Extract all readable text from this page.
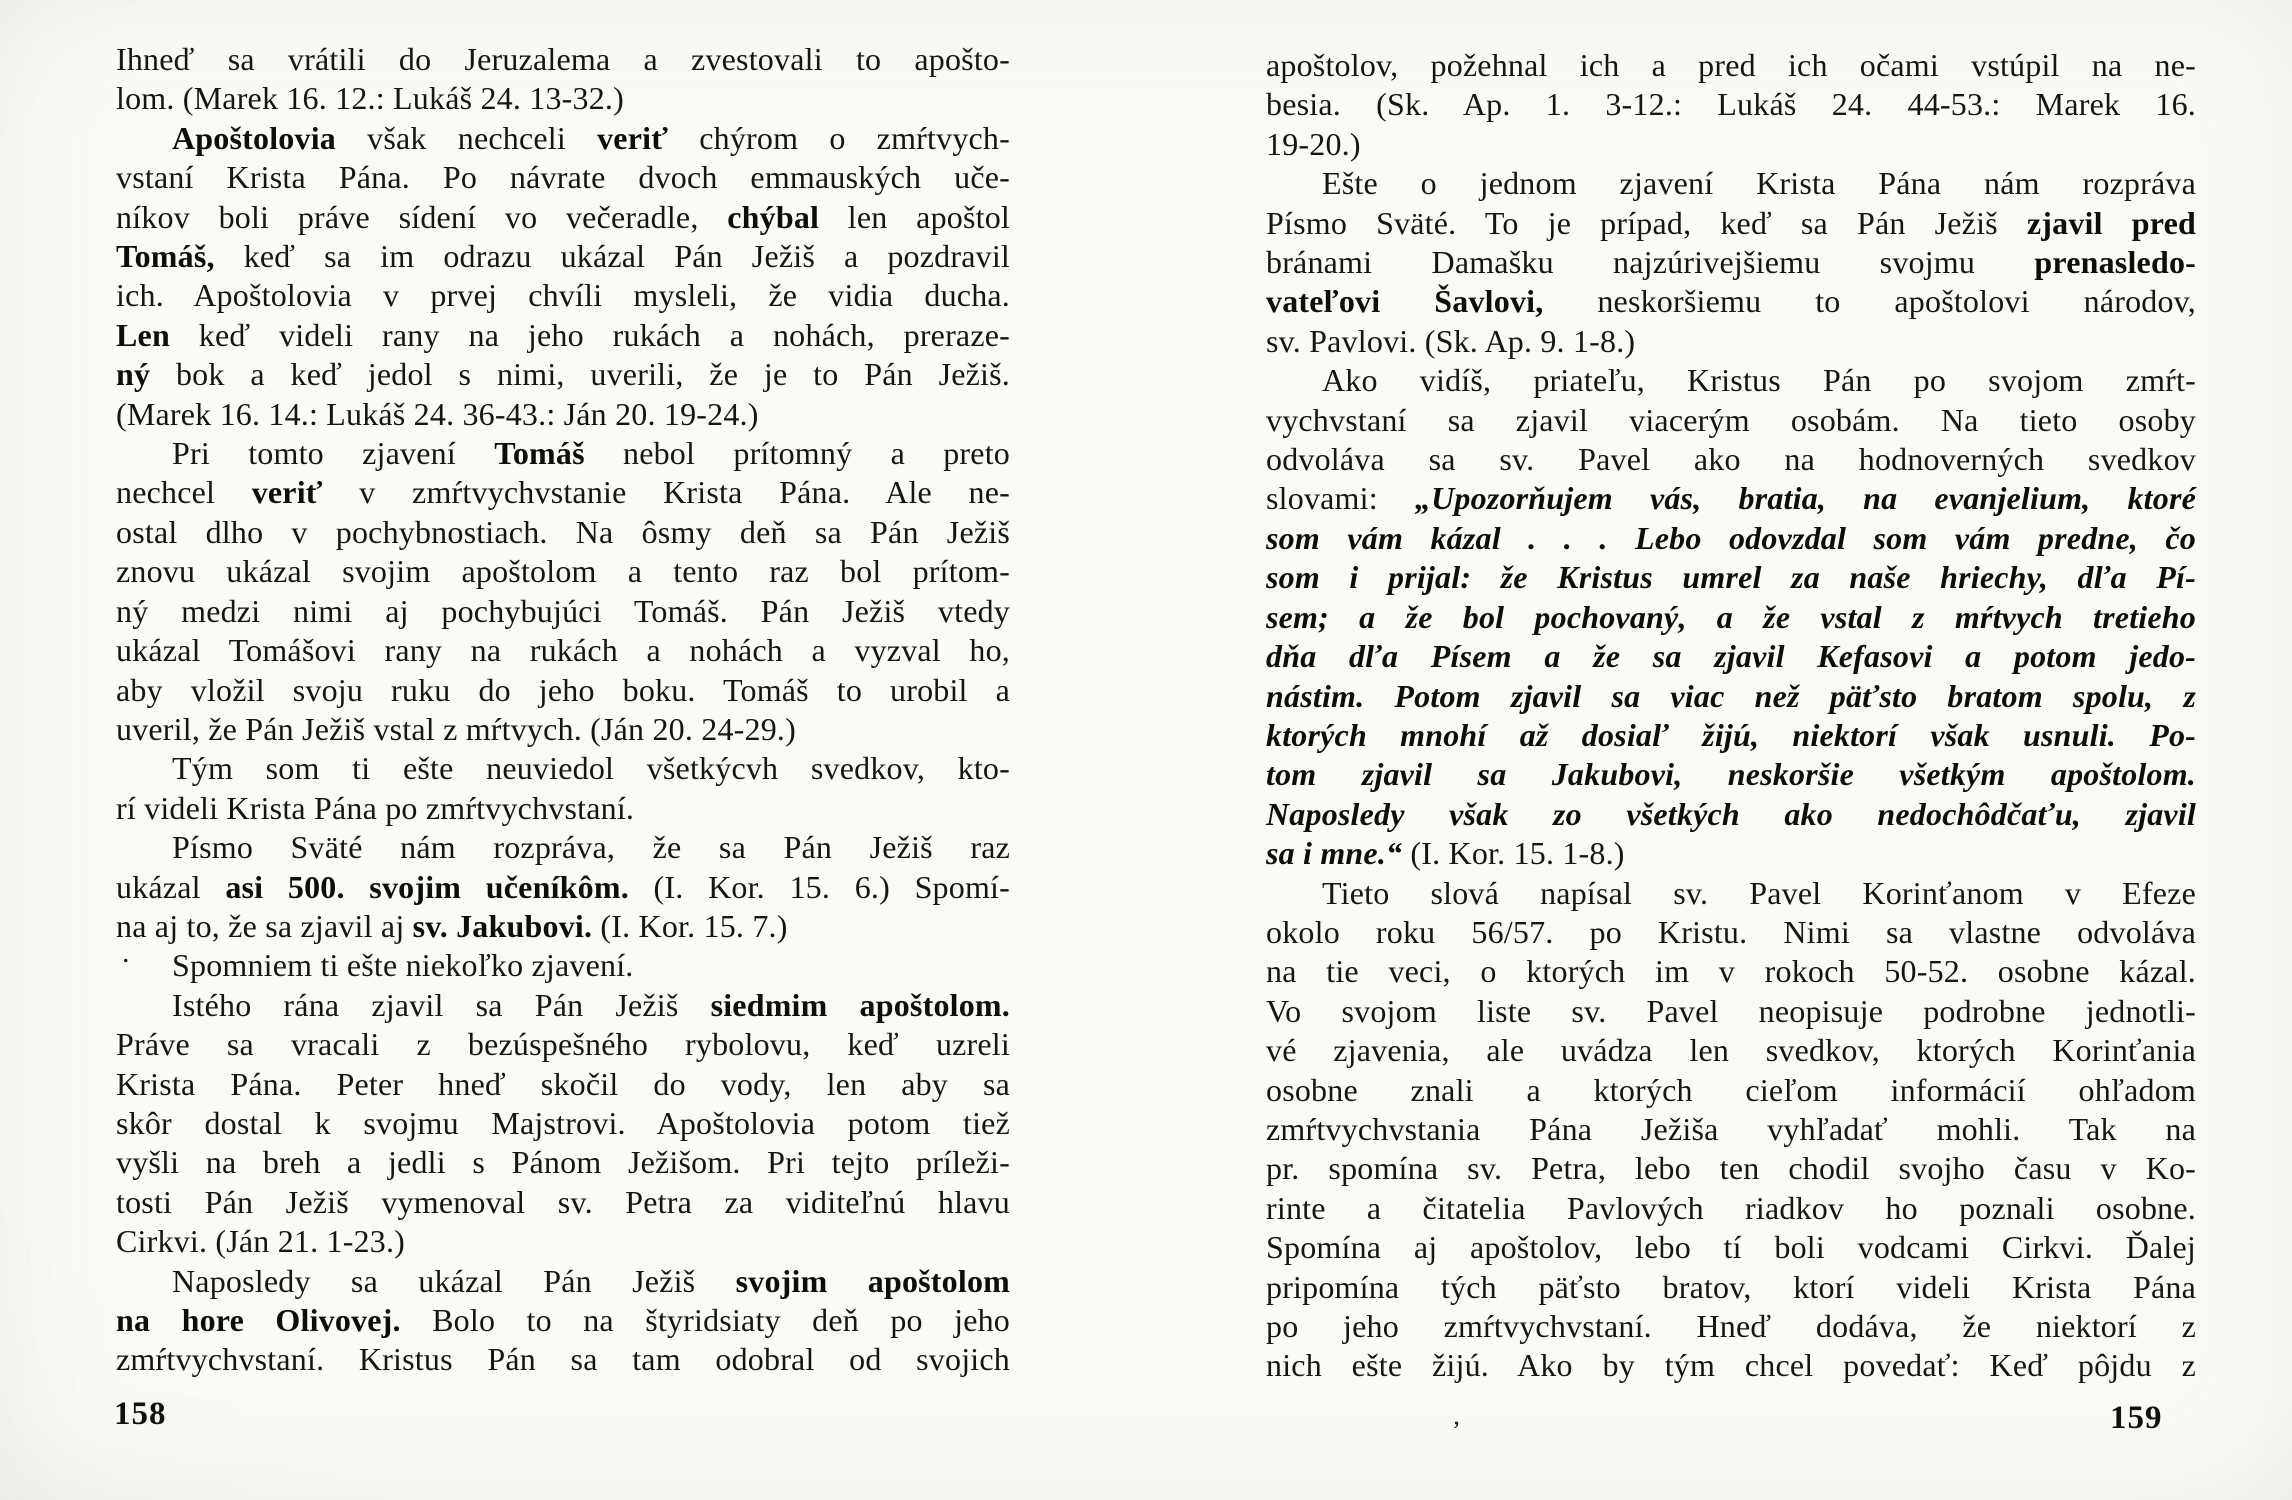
Ihneď sa vrátili do Jeruzalema a zvestovali to apošto-
lom. (Marek 16. 12.: Lukáš 24. 13-32.)
Apoštolovia však nechceli veriť chýrom o zmŕtvych-
vstaní Krista Pána. Po návrate dvoch emmauských uče-
níkov boli práve sídení vo večeradle, chýbal len apoštol
Tomáš, keď sa im odrazu ukázal Pán Ježiš a pozdravil
ich. Apoštolovia v prvej chvíli mysleli, že vidia ducha.
Len keď videli rany na jeho rukách a nohách, preraze-
ný bok a keď jedol s nimi, uverili, že je to Pán Ježiš.
(Marek 16. 14.: Lukáš 24. 36-43.: Ján 20. 19-24.)
Pri tomto zjavení Tomáš nebol prítomný a preto
nechcel veriť v zmŕtvychvstanie Krista Pána. Ale ne-
ostal dlho v pochybnostiach. Na ôsmy deň sa Pán Ježiš
znovu ukázal svojim apoštolom a tento raz bol prítom-
ný medzi nimi aj pochybujúci Tomáš. Pán Ježiš vtedy
ukázal Tomášovi rany na rukách a nohách a vyzval ho,
aby vložil svoju ruku do jeho boku. Tomáš to urobil a
uveril, že Pán Ježiš vstal z mŕtvych. (Ján 20. 24-29.)
Tým som ti ešte neuviedol všetkýcvh svedkov, kto-
rí videli Krista Pána po zmŕtvychvstaní.
Písmo Sväté nám rozpráva, že sa Pán Ježiš raz
ukázal asi 500. svojim učeníkôm. (I. Kor. 15. 6.) Spomí-
na aj to, že sa zjavil aj sv. Jakubovi. (I. Kor. 15. 7.)
Spomniem ti ešte niekoľko zjavení.
Istého rána zjavil sa Pán Ježiš siedmim apoštolom.
Práve sa vracali z bezúspešného rybolovu, keď uzreli
Krista Pána. Peter hneď skočil do vody, len aby sa
skôr dostal k svojmu Majstrovi. Apoštolovia potom tiež
vyšli na breh a jedli s Pánom Ježišom. Pri tejto príleži-
tosti Pán Ježiš vymenoval sv. Petra za viditeľnú hlavu
Cirkvi. (Ján 21. 1-23.)
Naposledy sa ukázal Pán Ježiš svojim apoštolom
na hore Olivovej. Bolo to na štyridsiaty deň po jeho
zmŕtvychvstaní. Kristus Pán sa tam odobral od svojich
apoštolov, požehnal ich a pred ich očami vstúpil na ne-
besia. (Sk. Ap. 1. 3-12.: Lukáš 24. 44-53.: Marek 16.
19-20.)
Ešte o jednom zjavení Krista Pána nám rozpráva
Písmo Sväté. To je prípad, keď sa Pán Ježiš zjavil pred
bránami Damašku najzúrivejšiemu svojmu prenasledo-
vateľovi Šavlovi, neskoršiemu to apoštolovi národov,
sv. Pavlovi. (Sk. Ap. 9. 1-8.)
Ako vidíš, priateľu, Kristus Pán po svojom zmŕt-
vychvstaní sa zjavil viacerým osobám. Na tieto osoby
odvoláva sa sv. Pavel ako na hodnoverných svedkov
slovami: „Upozorňujem vás, bratia, na evanjelium, ktoré
som vám kázal . . . Lebo odovzdal som vám predne, čo
som i prijal: že Kristus umrel za naše hriechy, dľa Pí-
sem; a že bol pochovaný, a že vstal z mŕtvych tretieho
dňa dľa Písem a že sa zjavil Kefasovi a potom jedo-
nástim. Potom zjavil sa viac než päťsto bratom spolu, z
ktorých mnohí až dosiaľ žijú, niektorí však usnuli. Po-
tom zjavil sa Jakubovi, neskoršie všetkým apoštolom.
Naposledy však zo všetkých ako nedochôdčaťu, zjavil
sa i mne.“ (I. Kor. 15. 1-8.)
Tieto slová napísal sv. Pavel Korinťanom v Efeze
okolo roku 56/57. po Kristu. Nimi sa vlastne odvoláva
na tie veci, o ktorých im v rokoch 50-52. osobne kázal.
Vo svojom liste sv. Pavel neopisuje podrobne jednotli-
vé zjavenia, ale uvádza len svedkov, ktorých Korinťania
osobne znali a ktorých cieľom informácií ohľadom
zmŕtvychvstania Pána Ježiša vyhľadať mohli. Tak na
pr. spomína sv. Petra, lebo ten chodil svojho času v Ko-
rinte a čitatelia Pavlových riadkov ho poznali osobne.
Spomína aj apoštolov, lebo tí boli vodcami Cirkvi. Ďalej
pripomína tých päťsto bratov, ktorí videli Krista Pána
po jeho zmŕtvychvstaní. Hneď dodáva, že niektorí z
nich ešte žijú. Ako by tým chcel povedať: Keď pôjdu z
.
’
158	159
